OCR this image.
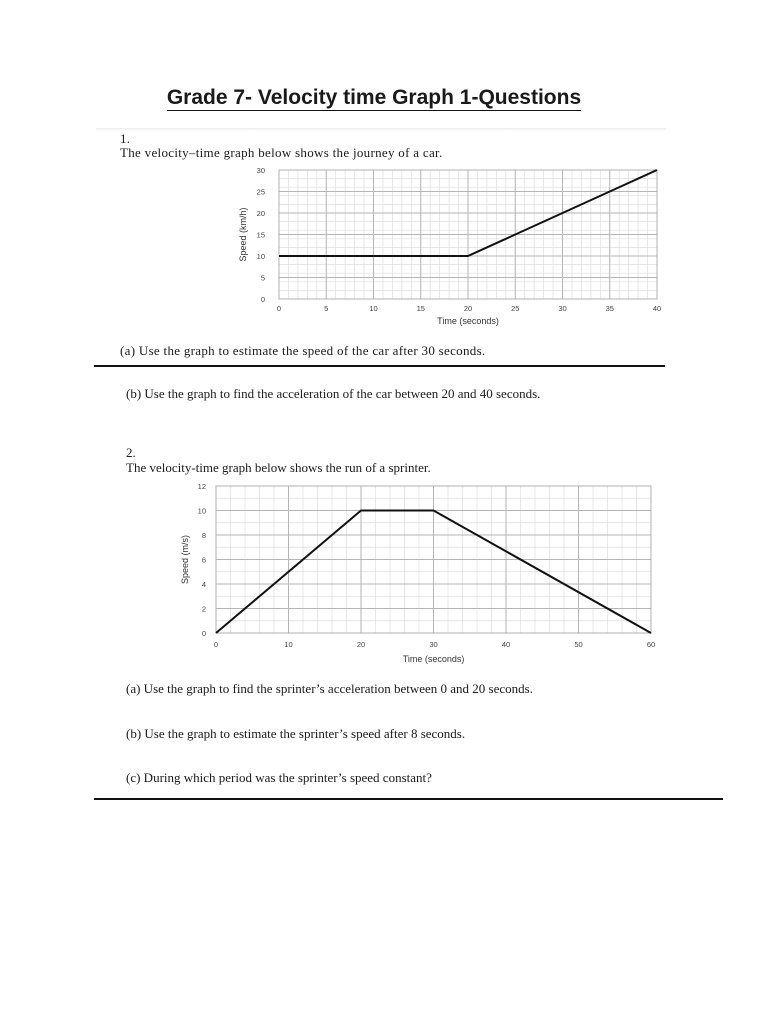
Grade 7- Velocity time Graph 1-Questions
1.
The velocity–time graph below shows the journey of a car.
0	5	10	15	20	25	30	35	40
0
5
10
15
20
25
30
Time (seconds)
Speed (km/h)
(a) Use the graph to estimate the speed of the car after 30 seconds.
(b) Use the graph to find the acceleration of the car between 20 and 40 seconds.
2.
The velocity-time graph below shows the run of a sprinter.
0	10	20	30	40	50	60
0
2
4
6
8
10
12
Time (seconds)
Speed (m/s)
(a) Use the graph to find the sprinter’s acceleration between 0 and 20 seconds.
(b) Use the graph to estimate the sprinter’s speed after 8 seconds.
(c) During which period was the sprinter’s speed constant?
